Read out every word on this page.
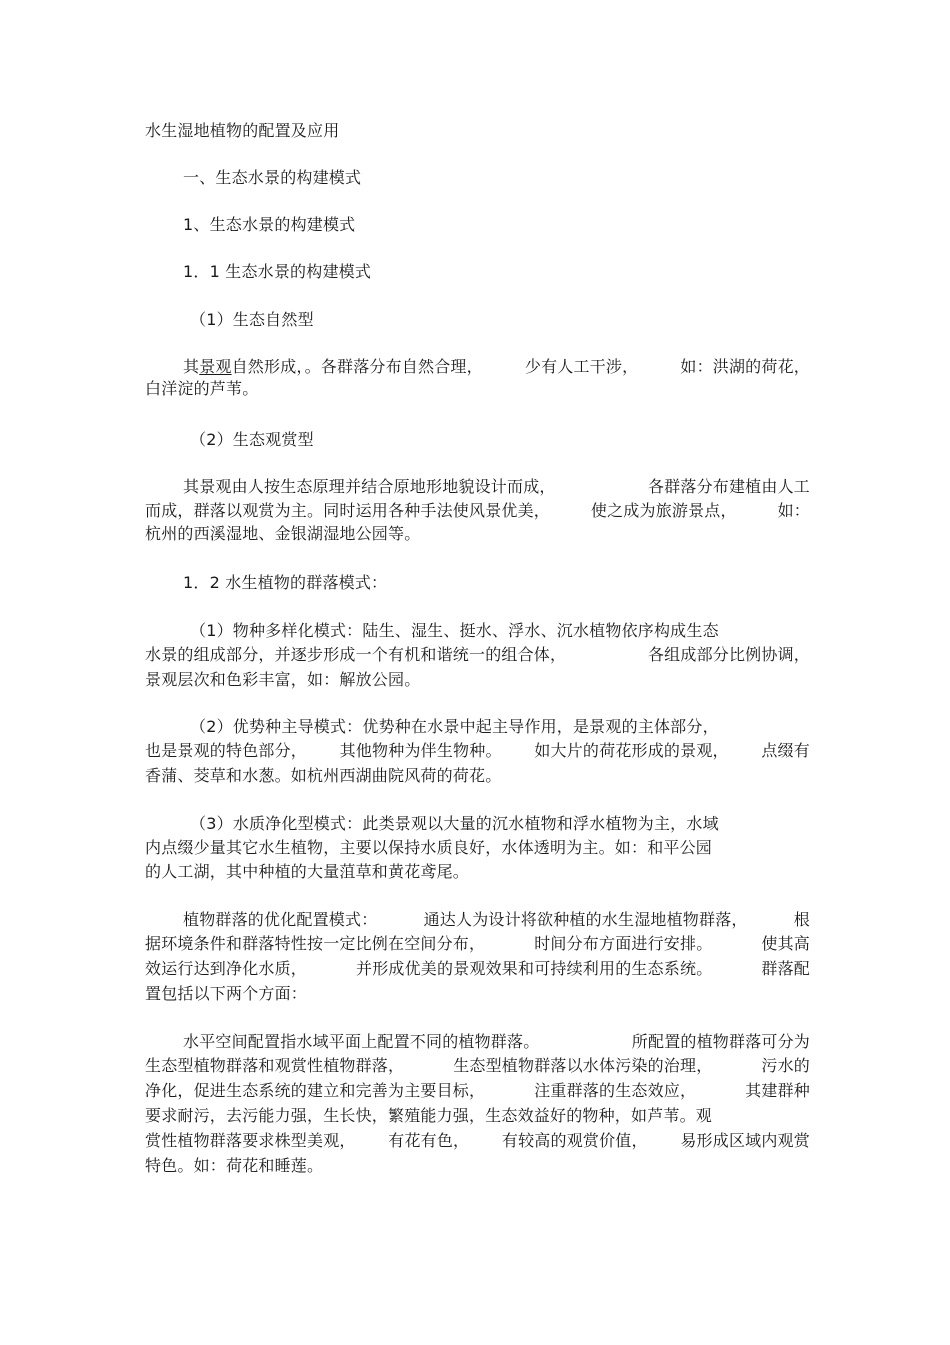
水生湿地植物的配置及应用
一、生态水景的构建模式
1、生态水景的构建模式
1．1 生态水景的构建模式
（1）生态自然型
其景观自然形成，。各群落分布自然合理，	少有人工干涉，	如：洪湖的荷花，
白洋淀的芦苇。
（2）生态观赏型
其景观由人按生态原理并结合原地形地貌设计而成，	各群落分布建植由人工
而成，群落以观赏为主。同时运用各种手法使风景优美，	使之成为旅游景点，	如：
杭州的西溪湿地、金银湖湿地公园等。
1．2 水生植物的群落模式：
（1）物种多样化模式：陆生、湿生、挺水、浮水、沉水植物依序构成生态
水景的组成部分，并逐步形成一个有机和谐统一的组合体，	各组成部分比例协调，
景观层次和色彩丰富，如：解放公园。
（2）优势种主导模式：优势种在水景中起主导作用，是景观的主体部分，
也是景观的特色部分， 其他物种为伴生物种。 如大片的荷花形成的景观， 点缀有
香蒲、茭草和水葱。如杭州西湖曲院风荷的荷花。
（3）水质净化型模式：此类景观以大量的沉水植物和浮水植物为主，水域
内点缀少量其它水生植物，主要以保持水质良好，水体透明为主。如：和平公园
的人工湖，其中种植的大量菹草和黄花鸢尾。
植物群落的优化配置模式：	通达人为设计将欲种植的水生湿地植物群落，	根
据环境条件和群落特性按一定比例在空间分布，	时间分布方面进行安排。	使其高
效运行达到净化水质，	并形成优美的景观效果和可持续利用的生态系统。	群落配
置包括以下两个方面：
水平空间配置指水域平面上配置不同的植物群落。	所配置的植物群落可分为
生态型植物群落和观赏性植物群落，	生态型植物群落以水体污染的治理，	污水的
净化，促进生态系统的建立和完善为主要目标，	注重群落的生态效应，	其建群种
要求耐污，去污能力强，生长快，繁殖能力强，生态效益好的物种，如芦苇。观
赏性植物群落要求株型美观， 有花有色， 有较高的观赏价值， 易形成区域内观赏
特色。如：荷花和睡莲。
